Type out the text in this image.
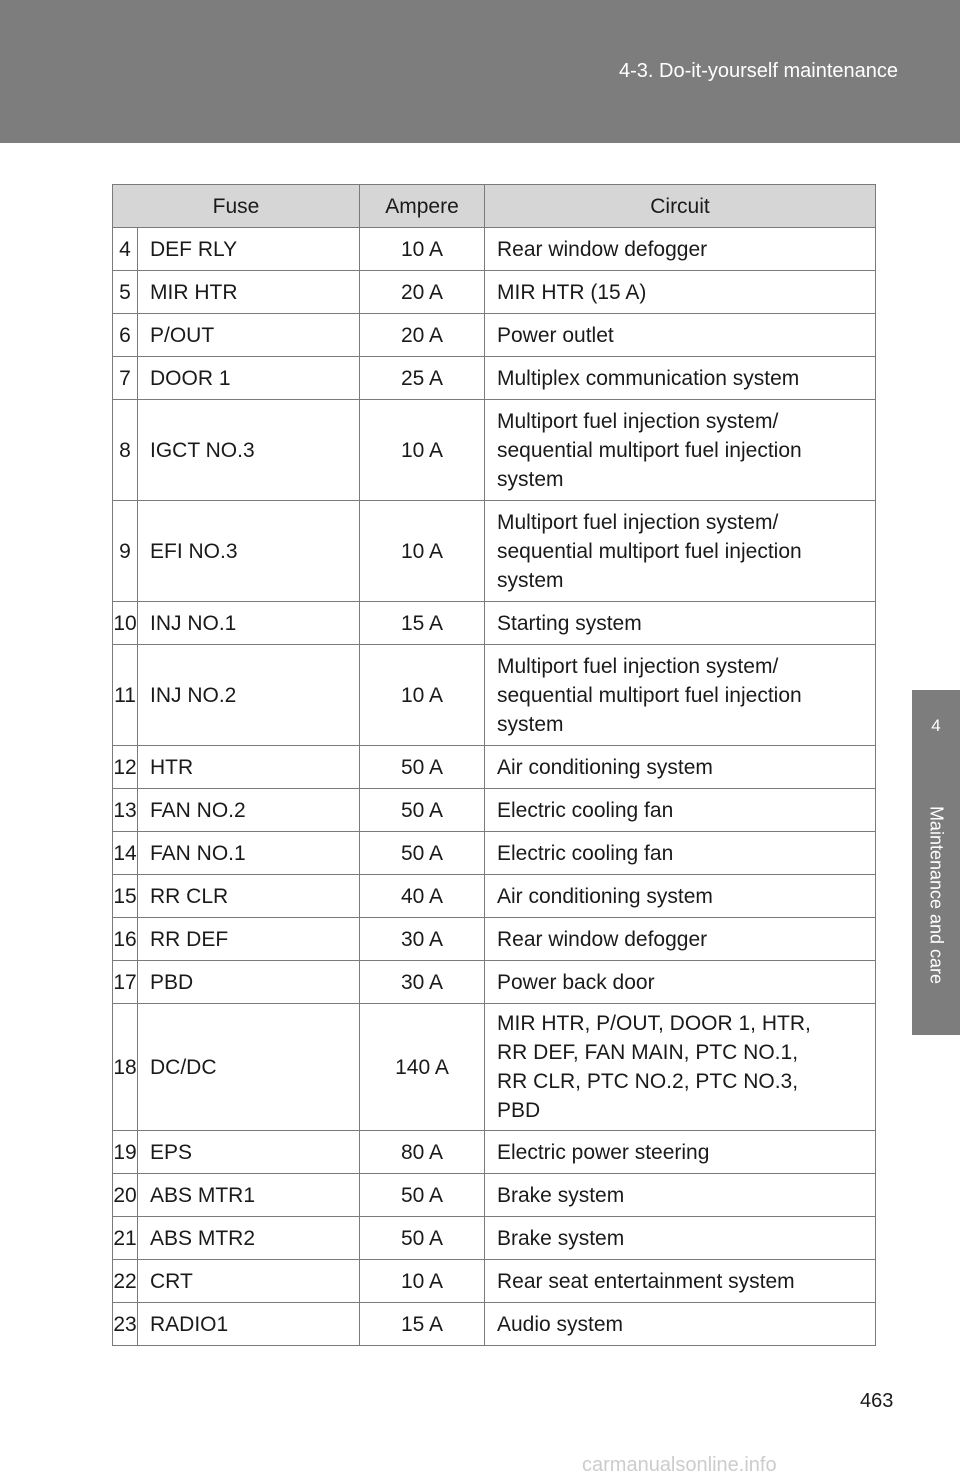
4-3. Do-it-yourself maintenance
4
Maintenance and care
Fuse		Ampere	Circuit
4	DEF RLY	10 A	Rear window defogger
5	MIR HTR	20 A	MIR HTR (15 A)
6	P/OUT	20 A	Power outlet
7	DOOR 1	25 A	Multiplex communication system
8	IGCT NO.3	10 A	Multiport fuel injection system/
sequential multiport fuel injection
system

9	EFI NO.3	10 A	Multiport fuel injection system/
sequential multiport fuel injection
system

10	INJ NO.1	15 A	Starting system
11	INJ NO.2	10 A	Multiport fuel injection system/
sequential multiport fuel injection
system

12	HTR	50 A	Air conditioning system
13	FAN NO.2	50 A	Electric cooling fan
14	FAN NO.1	50 A	Electric cooling fan
15	RR CLR	40 A	Air conditioning system
16	RR DEF	30 A	Rear window defogger
17	PBD	30 A	Power back door
18	DC/DC	140 A	MIR HTR, P/OUT, DOOR 1, HTR,
RR DEF, FAN MAIN, PTC NO.1,
RR CLR, PTC NO.2, PTC NO.3,
PBD

19	EPS	80 A	Electric power steering
20	ABS MTR1	50 A	Brake system
21	ABS MTR2	50 A	Brake system
22	CRT	10 A	Rear seat entertainment system
23	RADIO1	15 A	Audio system
463
carmanualsonline.info
